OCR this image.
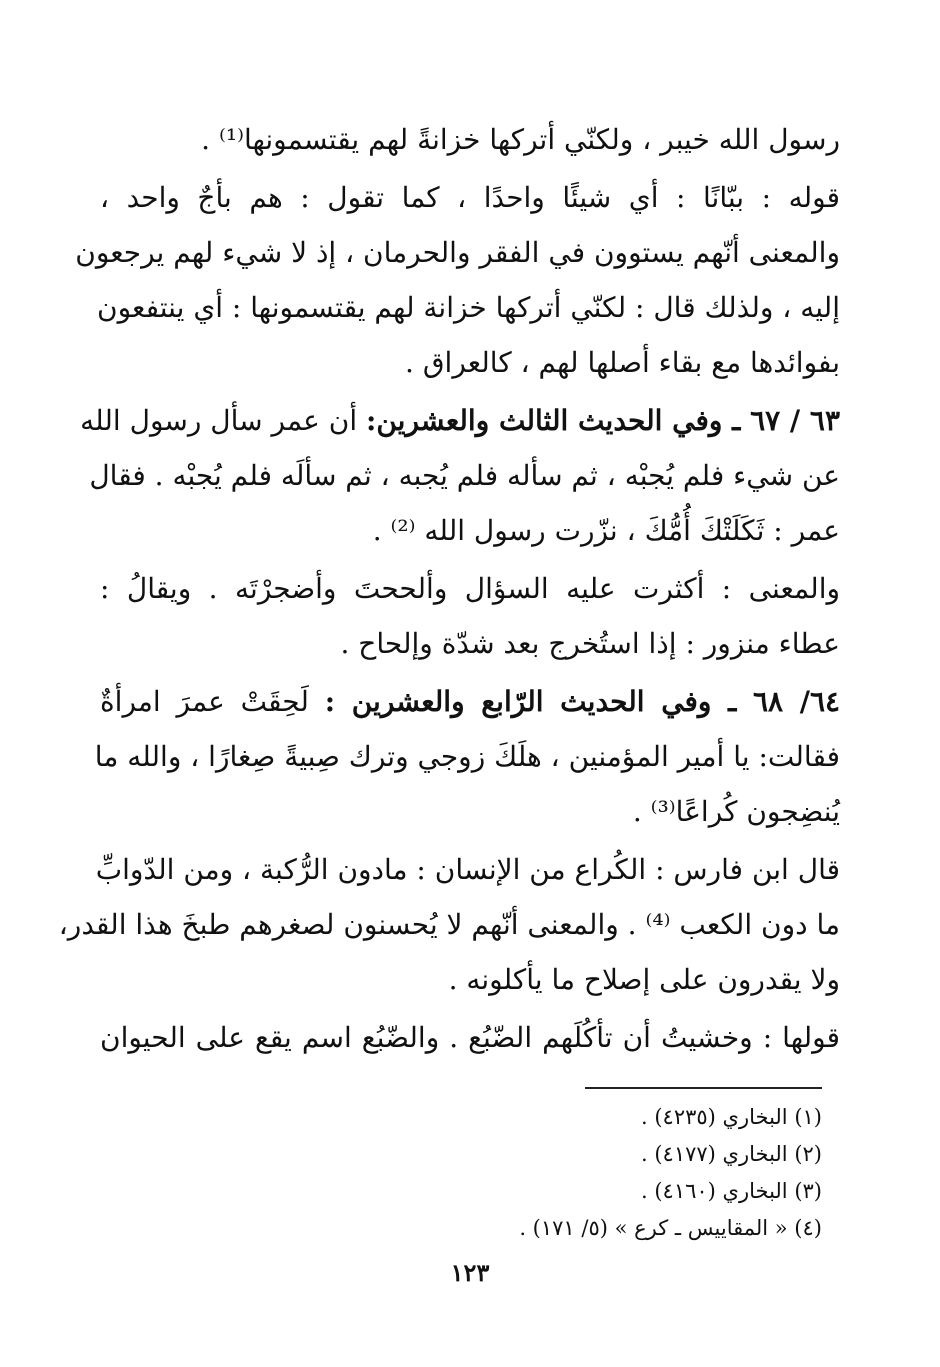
رسول الله خيبر ، ولكنّي أتركها خزانةً لهم يقتسمونها⁽¹⁾ .
قوله : ببّانًا : أي شيئًا واحدًا ، كما تقول : هم بأجٌ واحد ،
والمعنى أنّهم يستوون في الفقر والحرمان ، إذ لا شيء لهم يرجعون
إليه ، ولذلك قال : لكنّي أتركها خزانة لهم يقتسمونها : أي ينتفعون
بفوائدها مع بقاء أصلها لهم ، كالعراق .
٦٣ / ٦٧ ـ وفي الحديث الثالث والعشرين: أن عمر سأل رسول الله
عن شيء فلم يُجبْه ، ثم سأله فلم يُجبه ، ثم سألَه فلم يُجبْه . فقال
عمر : ثَكَلَتْكَ أُمُّكَ ، نزّرت رسول الله ⁽²⁾ .
والمعنى : أكثرت عليه السؤال وألححتَ وأضجرْتَه . ويقالُ :
عطاء منزور : إذا استُخرج بعد شدّة وإلحاح .
٦٤/ ٦٨ ـ وفي الحديث الرّابع والعشرين : لَحِقَتْ عمرَ امرأةٌ
فقالت: يا أمير المؤمنين ، هلَكَ زوجي وترك صِبيةً صِغارًا ، والله ما
يُنضِجون كُراعًا⁽³⁾ .
قال ابن فارس : الكُراع من الإنسان : مادون الرُّكبة ، ومن الدّوابِّ
ما دون الكعب ⁽⁴⁾ . والمعنى أنّهم لا يُحسنون لصغرهم طبخَ هذا القدر،
ولا يقدرون على إصلاح ما يأكلونه .
قولها : وخشيتُ أن تأكُلَهم الضّبُع . والضّبُع اسم يقع على الحيوان
(١) البخاري (٤٢٣٥) .
(٢) البخاري (٤١٧٧) .
(٣) البخاري (٤١٦٠) .
(٤) « المقاييس ـ كرع » (٥/ ١٧١) .
١٢٣
